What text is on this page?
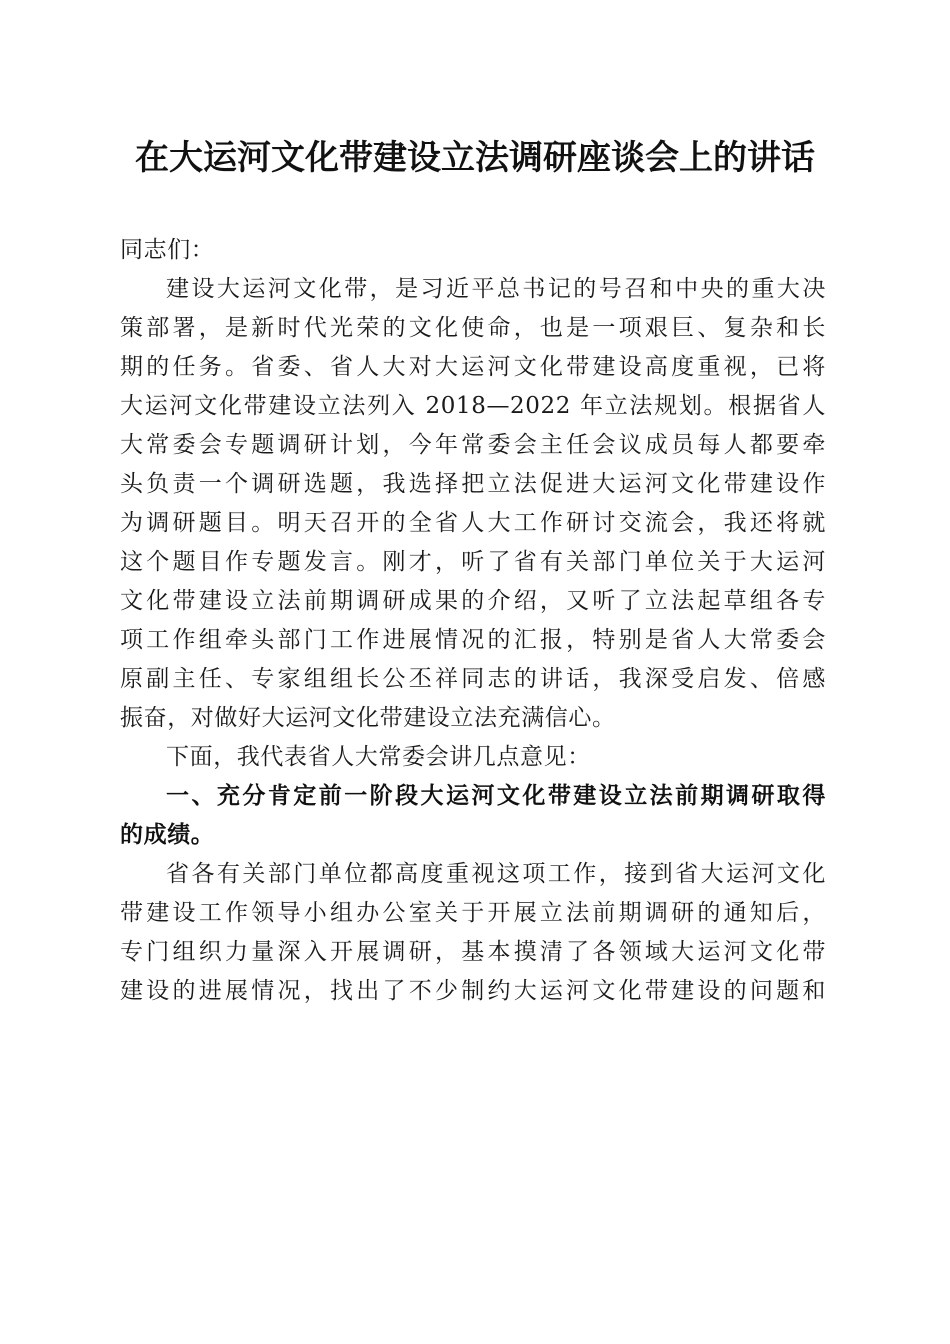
在大运河文化带建设立法调研座谈会上的讲话
同志们：
建设大运河文化带，是习近平总书记的号召和中央的重大决
策部署，是新时代光荣的文化使命，也是一项艰巨、复杂和长
期的任务。省委、省人大对大运河文化带建设高度重视，已将
大运河文化带建设立法列入 2018—2022 年立法规划。根据省人
大常委会专题调研计划，今年常委会主任会议成员每人都要牵
头负责一个调研选题，我选择把立法促进大运河文化带建设作
为调研题目。明天召开的全省人大工作研讨交流会，我还将就
这个题目作专题发言。刚才，听了省有关部门单位关于大运河
文化带建设立法前期调研成果的介绍，又听了立法起草组各专
项工作组牵头部门工作进展情况的汇报，特别是省人大常委会
原副主任、专家组组长公丕祥同志的讲话，我深受启发、倍感
振奋，对做好大运河文化带建设立法充满信心。
下面，我代表省人大常委会讲几点意见：
一、充分肯定前一阶段大运河文化带建设立法前期调研取得
的成绩。
省各有关部门单位都高度重视这项工作，接到省大运河文化
带建设工作领导小组办公室关于开展立法前期调研的通知后，
专门组织力量深入开展调研，基本摸清了各领域大运河文化带
建设的进展情况，找出了不少制约大运河文化带建设的问题和
